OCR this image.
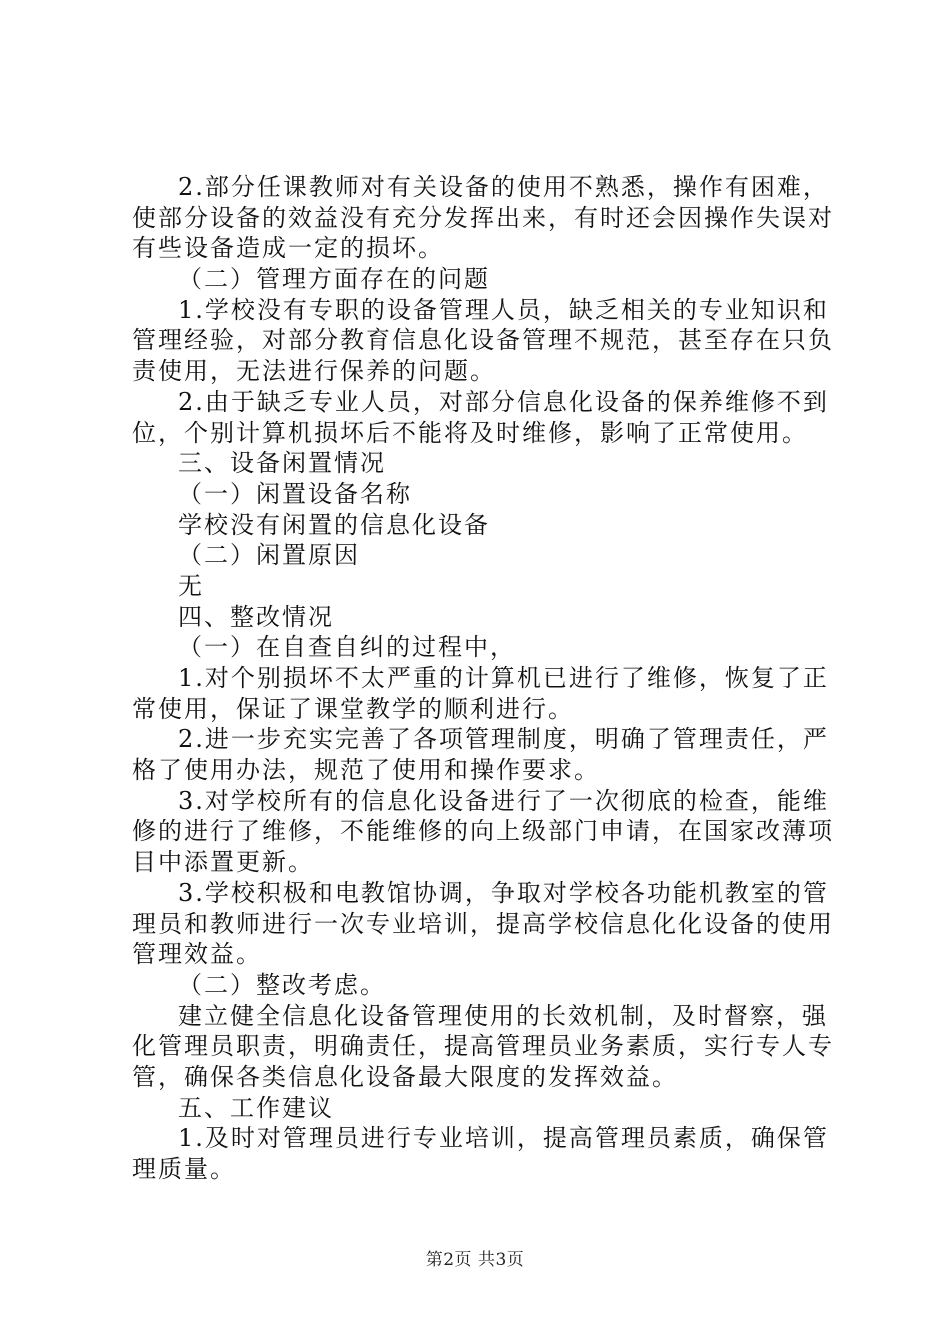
2.部分任课教师对有关设备的使用不熟悉，操作有困难，
使部分设备的效益没有充分发挥出来，有时还会因操作失误对
有些设备造成一定的损坏。
（二）管理方面存在的问题
1.学校没有专职的设备管理人员，缺乏相关的专业知识和
管理经验，对部分教育信息化设备管理不规范，甚至存在只负
责使用，无法进行保养的问题。
2.由于缺乏专业人员，对部分信息化设备的保养维修不到
位，个别计算机损坏后不能将及时维修，影响了正常使用。
三、设备闲置情况
（一）闲置设备名称
学校没有闲置的信息化设备
（二）闲置原因
无
四、整改情况
（一）在自查自纠的过程中，
1.对个别损坏不太严重的计算机已进行了维修，恢复了正
常使用，保证了课堂教学的顺利进行。
2.进一步充实完善了各项管理制度，明确了管理责任，严
格了使用办法，规范了使用和操作要求。
3.对学校所有的信息化设备进行了一次彻底的检查，能维
修的进行了维修，不能维修的向上级部门申请，在国家改薄项
目中添置更新。
3.学校积极和电教馆协调，争取对学校各功能机教室的管
理员和教师进行一次专业培训，提高学校信息化化设备的使用
管理效益。
（二）整改考虑。
建立健全信息化设备管理使用的长效机制，及时督察，强
化管理员职责，明确责任，提高管理员业务素质，实行专人专
管，确保各类信息化设备最大限度的发挥效益。
五、工作建议
1.及时对管理员进行专业培训，提高管理员素质，确保管
理质量。
第2页 共3页
